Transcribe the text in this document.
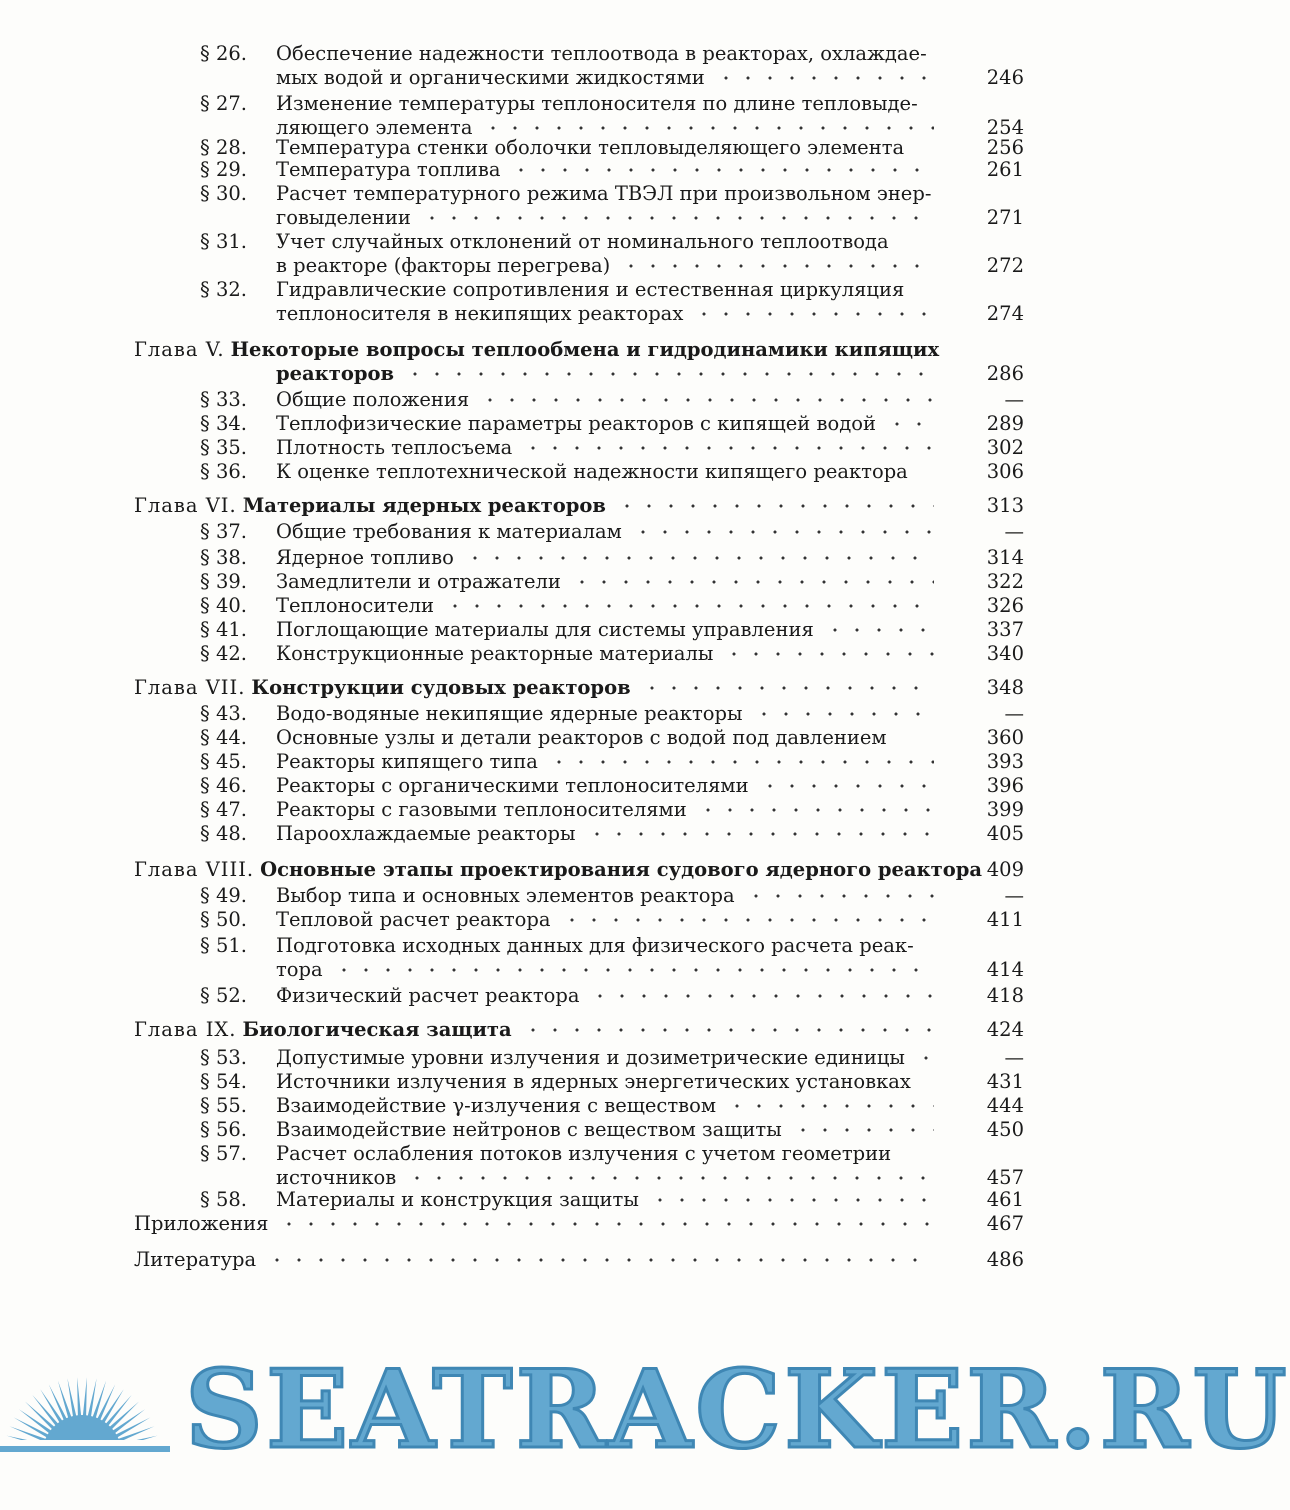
§ 26. Обеспечение надежности теплоотвода в реакторах, охлаждае-
мых водой и органическими жидкостями	246
§ 27. Изменение температуры теплоносителя по длине тепловыде-
ляющего элемента	254
§ 28. Температура стенки оболочки тепловыделяющего элемента	256
§ 29.	Температура топлива	261
§ 30. Расчет температурного режима ТВЭЛ при произвольном энер-
говыделении	271
§ 31. Учет случайных отклонений от номинального теплоотвода
в реакторе (факторы перегрева)	272
§ 32. Гидравлические сопротивления и естественная циркуляция
теплоносителя в некипящих реакторах	274
Глава V. Некоторые вопросы теплообмена и гидродинамики кипящих
реакторов	286
§ 33.	Общие положения	—
§ 34.	Теплофизические параметры реакторов с кипящей водой	289
§ 35.	Плотность теплосъема	302
§ 36. К оценке теплотехнической надежности кипящего реактора	306
Глава VI. Материалы ядерных реакторов	313
§ 37.	Общие требования к материалам	—
§ 38.	Ядерное топливо	314
§ 39.	Замедлители и отражатели	322
§ 40.	Теплоносители	326
§ 41.	Поглощающие материалы для системы управления	337
§ 42.	Конструкционные реакторные материалы	340
Глава VII. Конструкции судовых реакторов	348
§ 43.	Водо-водяные некипящие ядерные реакторы	—
§ 44. Основные узлы и детали реакторов с водой под давлением	360
§ 45.	Реакторы кипящего типа	393
§ 46.	Реакторы с органическими теплоносителями	396
§ 47.	Реакторы с газовыми теплоносителями	399
§ 48.	Пароохлаждаемые реакторы	405
Глава VIII. Основные этапы проектирования судового ядерного реактора 409
§ 49.	Выбор типа и основных элементов реактора	—
§ 50.	Тепловой расчет реактора	411
§ 51. Подготовка исходных данных для физического расчета реак-
тора	414
§ 52.	Физический расчет реактора	418
Глава IX. Биологическая защита	424
§ 53.	Допустимые уровни излучения и дозиметрические единицы	—
§ 54. Источники излучения в ядерных энергетических установках	431
§ 55.	Взаимодействие γ-излучения с веществом	444
§ 56.	Взаимодействие нейтронов с веществом защиты	450
§ 57. Расчет ослабления потоков излучения с учетом геометрии
источников	457
§ 58.	Материалы и конструкция защиты	461
Приложения	467
Литература	486
SEATRACKER.RU
